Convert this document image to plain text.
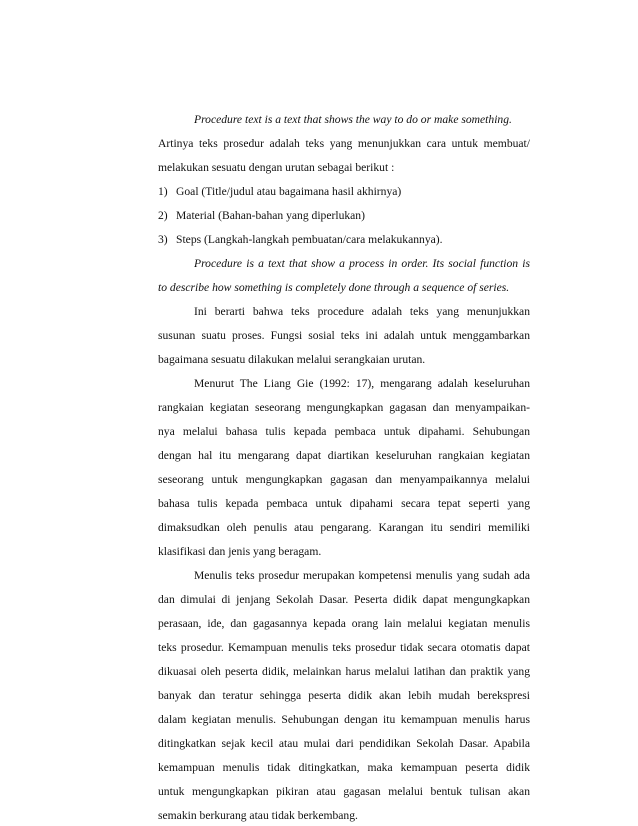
Procedure text is a text that shows the way to do or make something.
Artinya teks prosedur adalah teks yang menunjukkan cara untuk membuat/
melakukan sesuatu dengan urutan sebagai berikut :
1) Goal (Title/judul atau bagaimana hasil akhirnya)
2) Material (Bahan-bahan yang diperlukan)
3) Steps (Langkah-langkah pembuatan/cara melakukannya).
Procedure is a text that show a process in order. Its social function is
to describe how something is completely done through a sequence of series.
Ini berarti bahwa teks procedure adalah teks yang menunjukkan
susunan suatu proses. Fungsi sosial teks ini adalah untuk menggambarkan
bagaimana sesuatu dilakukan melalui serangkaian urutan.
Menurut The Liang Gie (1992: 17), mengarang adalah keseluruhan
rangkaian kegiatan seseorang mengungkapkan gagasan dan menyampaikan-
nya melalui bahasa tulis kepada pembaca untuk dipahami. Sehubungan
dengan hal itu mengarang dapat diartikan keseluruhan rangkaian kegiatan
seseorang untuk mengungkapkan gagasan dan menyampaikannya melalui
bahasa tulis kepada pembaca untuk dipahami secara tepat seperti yang
dimaksudkan oleh penulis atau pengarang. Karangan itu sendiri memiliki
klasifikasi dan jenis yang beragam.
Menulis teks prosedur merupakan kompetensi menulis yang sudah ada
dan dimulai di jenjang Sekolah Dasar. Peserta didik dapat mengungkapkan
perasaan, ide, dan gagasannya kepada orang lain melalui kegiatan menulis
teks prosedur. Kemampuan menulis teks prosedur tidak secara otomatis dapat
dikuasai oleh peserta didik, melainkan harus melalui latihan dan praktik yang
banyak dan teratur sehingga peserta didik akan lebih mudah berekspresi
dalam kegiatan menulis. Sehubungan dengan itu kemampuan menulis harus
ditingkatkan sejak kecil atau mulai dari pendidikan Sekolah Dasar. Apabila
kemampuan menulis tidak ditingkatkan, maka kemampuan peserta didik
untuk mengungkapkan pikiran atau gagasan melalui bentuk tulisan akan
semakin berkurang atau tidak berkembang.
